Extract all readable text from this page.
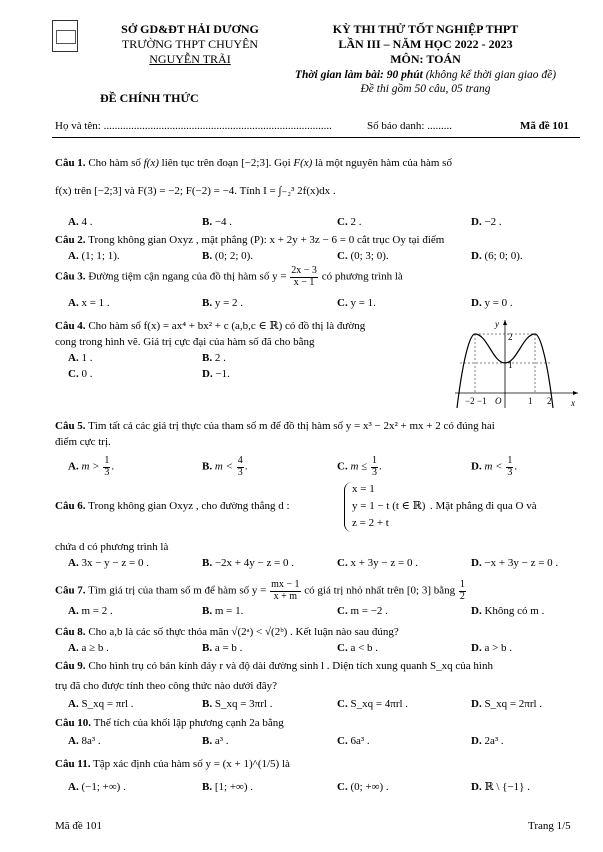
SỞ GD&ĐT HẢI DƯƠNG
TRƯỜNG THPT CHUYÊN
NGUYỄN TRÃI
KỲ THI THỬ TỐT NGHIỆP THPT
LẦN III – NĂM HỌC 2022 - 2023
MÔN: TOÁN
Thời gian làm bài: 90 phút (không kể thời gian giao đề)
Đề thi gồm 50 câu, 05 trang
ĐỀ CHÍNH THỨC
Họ và tên: ...................................................................................	Số báo danh: .........	Mã đề 101
Câu 1. Cho hàm số f(x) liên tục trên đoạn [−2;3]. Gọi F(x) là một nguyên hàm của hàm số
f(x) trên [−2;3] và F(3) = −2; F(−2) = −4. Tính I = ∫₋₂³ 2f(x)dx .
A. 4 .	B. −4 .	C. 2 .	D. −2 .
Câu 2. Trong không gian Oxyz , mặt phẳng (P): x + 2y + 3z − 6 = 0 cắt trục Oy tại điểm
A. (1; 1; 1).	B. (0; 2; 0).	C. (0; 3; 0).	D. (6; 0; 0).
Câu 3. Đường tiệm cận ngang của đồ thị hàm số $y = \frac{2x - 3}{x - 1}$ có phương trình là
A. x = 1 .	B. y = 2 .	C. y = 1.	D. y = 0 .
Câu 4. Cho hàm số f(x) = ax⁴ + bx² + c (a,b,c ∈ ℝ) có đồ thị là đường
cong trong hình vẽ. Giá trị cực đại của hàm số đã cho bằng
A. 1 .	B. 2 .
C. 0 .	D. −1.
y
x
2
1
−2 −1 O	1 2
Câu 5. Tìm tất cả các giá trị thực của tham số m để đồ thị hàm số y = x³ − 2x² + mx + 2 có đúng hai
điểm cực trị.
A. $m > \frac{1}{3}$ .	B. $m < \frac{4}{3}$ .	C. $m \le \frac{1}{3}$ .	D. $m < \frac{1}{3}$ .
Câu 6. Trong không gian Oxyz , cho đường thẳng d :
x = 1
y = 1 − t (t ∈ ℝ)
z = 2 + t
. Mặt phẳng đi qua O và
chứa d có phương trình là
A. 3x − y − z = 0 .	B. −2x + 4y − z = 0 .	C. x + 3y − z = 0 .	D. −x + 3y − z = 0 .
Câu 7. Tìm giá trị của tham số m để hàm số $y = \frac{mx - 1}{x + m}$ có giá trị nhỏ nhất trên [0; 3] bằng $\frac{1}{2}$
A. m = 2 .	B. m = 1.	C. m = −2 .	D. Không có m .
Câu 8. Cho a,b là các số thực thỏa mãn √(2ᵃ) < √(2ᵇ) . Kết luận nào sau đúng?
A. a ≥ b .	B. a = b .	C. a < b .	D. a > b .
Câu 9. Cho hình trụ có bán kính đáy r và độ dài đường sinh l . Diện tích xung quanh S_xq của hình
trụ đã cho được tính theo công thức nào dưới đây?
A. S_xq = πrl .	B. S_xq = 3πrl .	C. S_xq = 4πrl .	D. S_xq = 2πrl .
Câu 10. Thể tích của khối lập phương cạnh 2a bằng
A. 8a³ .	B. a³ .	C. 6a³ .	D. 2a³ .
Câu 11. Tập xác định của hàm số y = (x + 1)^(1/5) là
A. (−1; +∞) .	B. [1; +∞) .	C. (0; +∞) .	D. ℝ \ {−1} .
Mã đề 101	Trang 1/5
